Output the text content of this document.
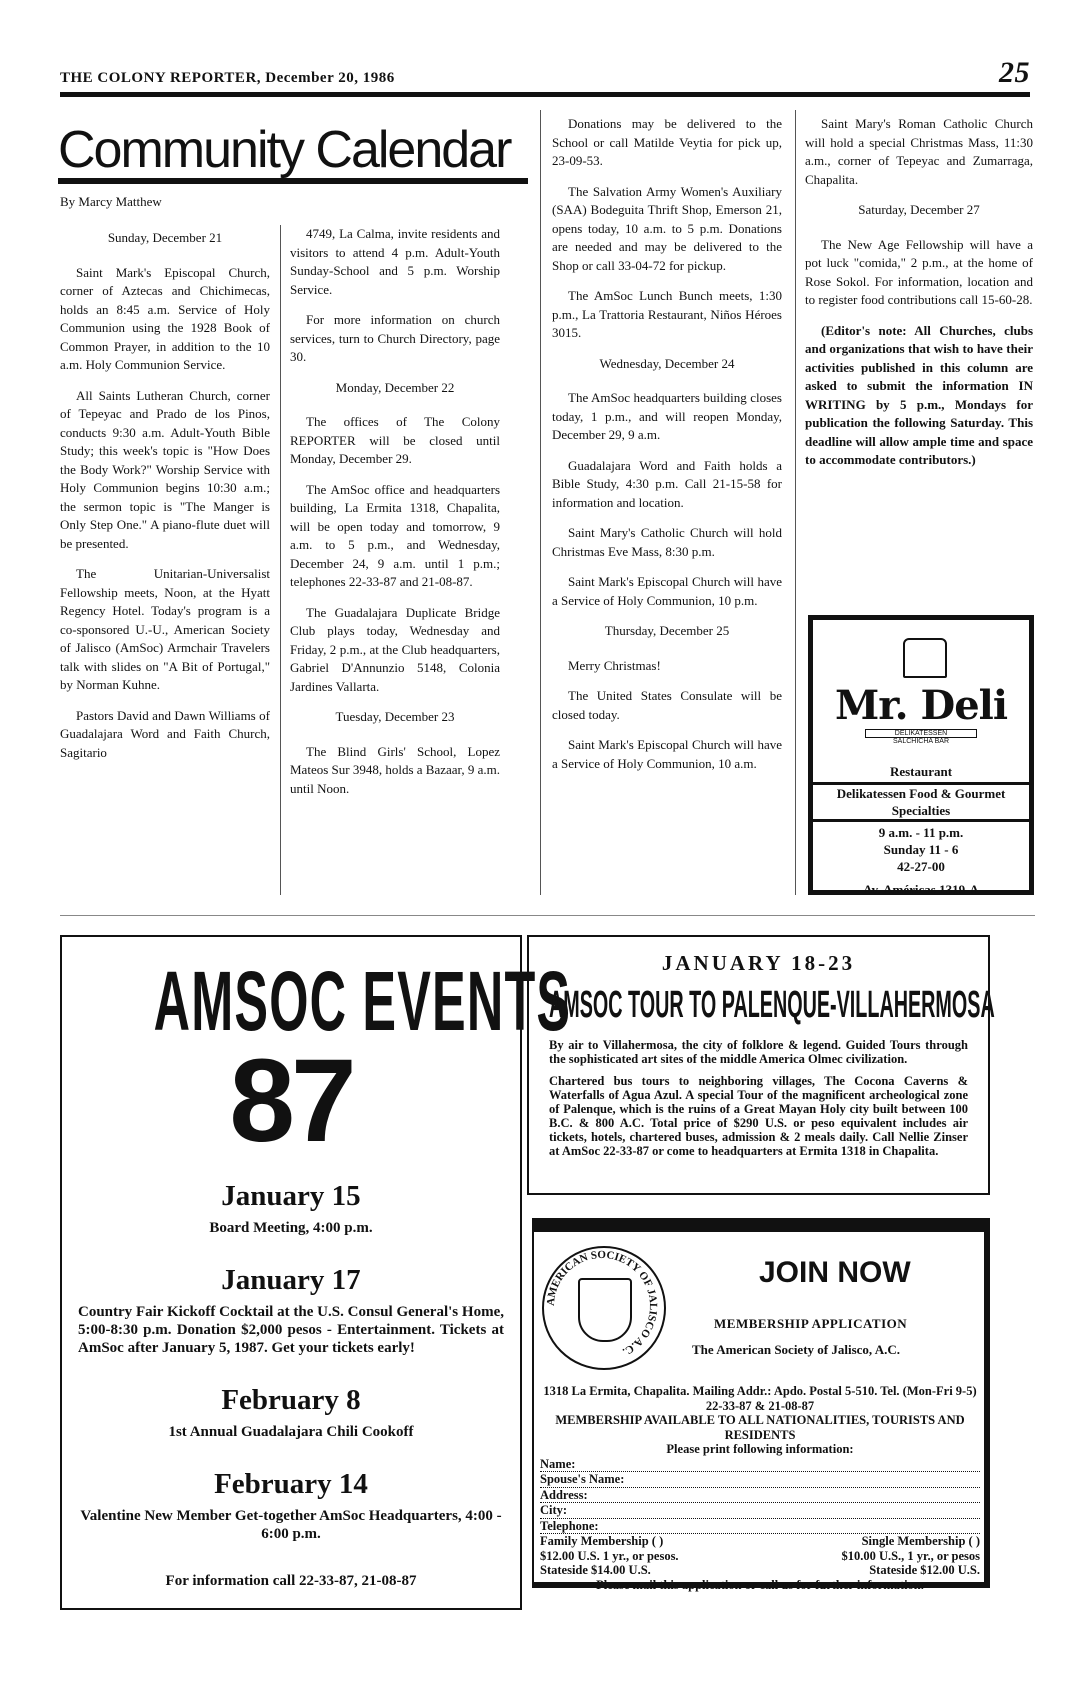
THE COLONY REPORTER, December 20, 1986	25
Community Calendar
By Marcy Matthew

Sunday, December 21

Saint Mark's Episcopal Church, corner of Aztecas and Chichimecas, holds an 8:45 a.m. Service of Holy Communion using the 1928 Book of Common Prayer, in addition to the 10 a.m. Holy Communion Service.

All Saints Lutheran Church, corner of Tepeyac and Prado de los Pinos, conducts 9:30 a.m. Adult-Youth Bible Study; this week's topic is "How Does the Body Work?" Worship Service with Holy Communion begins 10:30 a.m.; the sermon topic is "The Manger is Only Step One." A piano-flute duet will be presented.

The Unitarian-Universalist Fellowship meets, Noon, at the Hyatt Regency Hotel. Today's program is a co-sponsored U.-U., American Society of Jalisco (AmSoc) Armchair Travelers talk with slides on "A Bit of Portugal," by Norman Kuhne.

Pastors David and Dawn Williams of Guadalajara Word and Faith Church, Sagitario

4749, La Calma, invite residents and visitors to attend 4 p.m. Adult-Youth Sunday-School and 5 p.m. Worship Service.

For more information on church services, turn to Church Directory, page 30.

Monday, December 22

The offices of The Colony REPORTER will be closed until Monday, December 29.

The AmSoc office and headquarters building, La Ermita 1318, Chapalita, will be open today and tomorrow, 9 a.m. to 5 p.m., and Wednesday, December 24, 9 a.m. until 1 p.m.; telephones 22-33-87 and 21-08-87.

The Guadalajara Duplicate Bridge Club plays today, Wednesday and Friday, 2 p.m., at the Club headquarters, Gabriel D'Annunzio 5148, Colonia Jardines Vallarta.

Tuesday, December 23

The Blind Girls' School, Lopez Mateos Sur 3948, holds a Bazaar, 9 a.m. until Noon.

Donations may be delivered to the School or call Matilde Veytia for pick up, 23-09-53.

The Salvation Army Women's Auxiliary (SAA) Bodeguita Thrift Shop, Emerson 21, opens today, 10 a.m. to 5 p.m. Donations are needed and may be delivered to the Shop or call 33-04-72 for pickup.

The AmSoc Lunch Bunch meets, 1:30 p.m., La Trattoria Restaurant, Niños Héroes 3015.

Wednesday, December 24

The AmSoc headquarters building closes today, 1 p.m., and will reopen Monday, December 29, 9 a.m.

Guadalajara Word and Faith holds a Bible Study, 4:30 p.m. Call 21-15-58 for information and location.

Saint Mary's Catholic Church will hold Christmas Eve Mass, 8:30 p.m.

Saint Mark's Episcopal Church will have a Service of Holy Communion, 10 p.m.

Thursday, December 25

Merry Christmas!

The United States Consulate will be closed today.

Saint Mark's Episcopal Church will have a Service of Holy Communion, 10 a.m.

Saint Mary's Roman Catholic Church will hold a special Christmas Mass, 11:30 a.m., corner of Tepeyac and Zumarraga, Chapalita.

Saturday, December 27

The New Age Fellowship will have a pot luck "comida," 2 p.m., at the home of Rose Sokol. For information, location and to register food contributions call 15-60-28.

(Editor's note: All Churches, clubs and organizations that wish to have their activities published in this column are asked to submit the information IN WRITING by 5 p.m., Mondays for publication the following Saturday. This deadline will allow ample time and space to accommodate contributors.)

Mr. Deli
DELIKATESSEN
SALCHICHA BAR
Restaurant
Delikatessen Food & Gourmet Specialties
9 a.m. - 11 p.m.
Sunday 11 - 6
42-27-00
Av. Américas 1319-A
AMSOC EVENTS
87
January 15
Board Meeting, 4:00 p.m.
January 17
Country Fair Kickoff Cocktail at the U.S. Consul General's Home, 5:00-8:30 p.m. Donation $2,000 pesos - Entertainment. Tickets at AmSoc after January 5, 1987. Get your tickets early!
February 8
1st Annual Guadalajara Chili Cookoff
February 14
Valentine New Member Get-together AmSoc Headquarters, 4:00 - 6:00 p.m.
For information call 22-33-87, 21-08-87
JANUARY 18-23
AMSOC TOUR TO PALENQUE-VILLAHERMOSA
By air to Villahermosa, the city of folklore & legend. Guided Tours through the sophisticated art sites of the middle America Olmec civilization.
Chartered bus tours to neighboring villages, The Cocona Caverns & Waterfalls of Agua Azul. A special Tour of the magnificent archeological zone of Palenque, which is the ruins of a Great Mayan Holy city built between 100 B.C. & 800 A.C. Total price of $290 U.S. or peso equivalent includes air tickets, hotels, chartered buses, admission & 2 meals daily. Call Nellie Zinser at AmSoc 22-33-87 or come to headquarters at Ermita 1318 in Chapalita.
AMERICAN SOCIETY OF JALISCO A.C.
JOIN NOW
MEMBERSHIP APPLICATION
The American Society of Jalisco, A.C.
1318 La Ermita, Chapalita. Mailing Addr.: Apdo. Postal 5-510. Tel. (Mon-Fri 9-5) 22-33-87 & 21-08-87
MEMBERSHIP AVAILABLE TO ALL NATIONALITIES, TOURISTS AND RESIDENTS
Please print following information:
Name:
Spouse's Name:
Address:
City:
Telephone:
Family Membership ( )	Single Membership ( )
$12.00 U.S. 1 yr., or pesos.	$10.00 U.S., 1 yr., or pesos
Stateside $14.00 U.S.	Stateside $12.00 U.S.
Please mail this application or call us for further information.
